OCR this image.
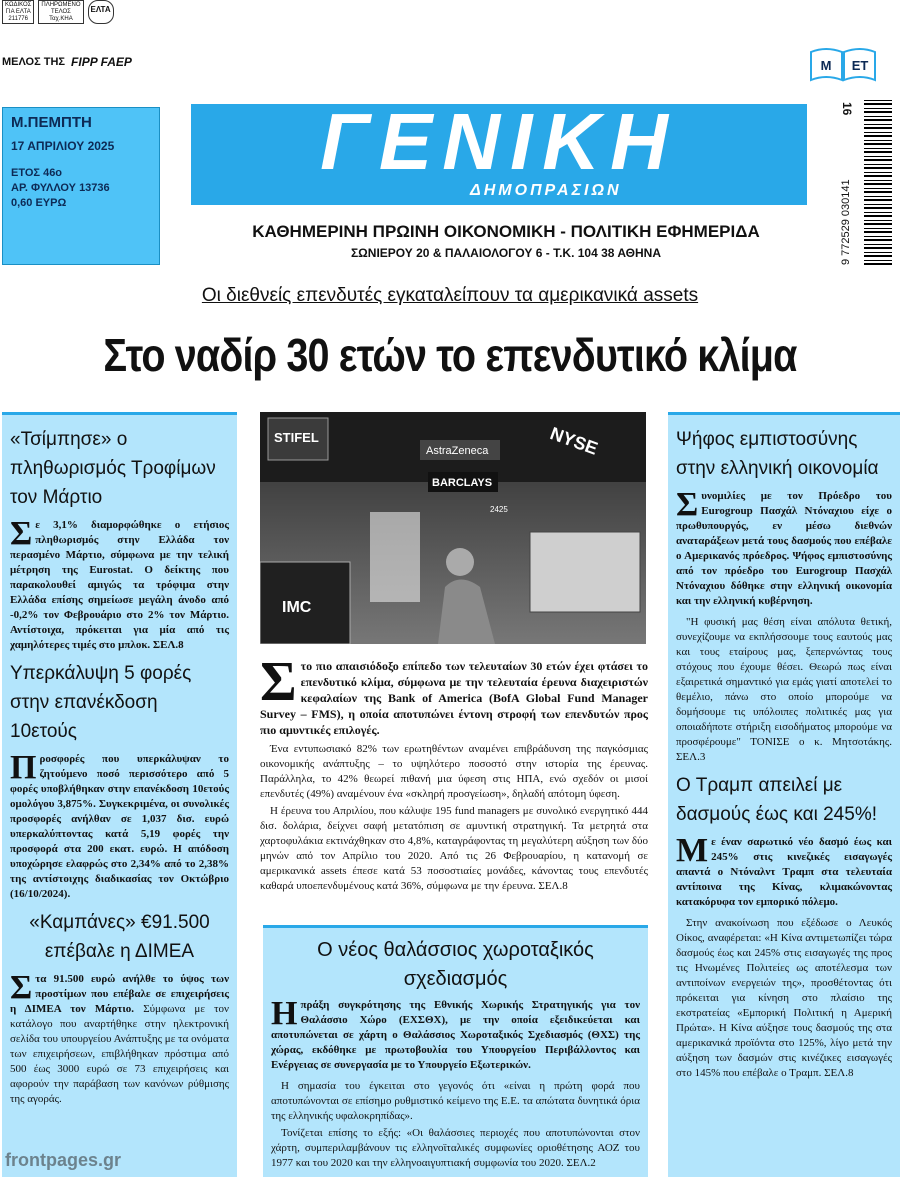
ΚΩΔΙΚΟΣ
ΓΙΑ ΕΛΤΑ
211776
ΠΛΗΡΩΜΕΝΟ
ΤΕΛΟΣ
Ταχ.ΚΗΑ
ΕΛΤΑ
ΜΕΛΟΣ ΤΗΣ FIPP FAEP	M ET
Μ.ΠΕΜΠΤΗ
17 ΑΠΡΙΛΙΟΥ 2025
ΕΤΟΣ 46ο
ΑΡ. ΦΥΛΛΟΥ 13736
0,60 ΕΥΡΩ
ΓΕΝΙΚΗ
ΔΗΜΟΠΡΑΣΙΩΝ
ΚΑΘΗΜΕΡΙΝΗ ΠΡΩΙΝΗ ΟΙΚΟΝΟΜΙΚΗ - ΠΟΛΙΤΙΚΗ ΕΦΗΜΕΡΙΔΑ
ΣΩΝΙΕΡΟΥ 20 & ΠΑΛΑΙΟΛΟΓΟΥ 6 - Τ.Κ. 104 38 ΑΘΗΝΑ
16
9 772529 030141
Οι διεθνείς επενδυτές εγκαταλείπουν τα αμερικανικά assets
Στο ναδίρ 30 ετών το επενδυτικό κλίμα
«Τσίμπησε» ο πληθωρισμός Τροφίμων τον Μάρτιο

Σε 3,1% διαμορφώθηκε ο ετήσιος πληθωρισμός στην Ελλάδα τον περασμένο Μάρτιο, σύμφωνα με την τελική μέτρηση της Eurostat. Ο δείκτης που παρακολουθεί αμιγώς τα τρόφιμα στην Ελλάδα επίσης σημείωσε μεγάλη άνοδο από -0,2% τον Φεβρουάριο στο 2% τον Μάρτιο. Αντίστοιχα, πρόκειται για μία από τις χαμηλότερες τιμές στο μπλοκ. ΣΕΛ.8

Υπερκάλυψη 5 φορές στην επανέκδοση 10ετούς

Προσφορές που υπερκάλυψαν το ζητούμενο ποσό περισσότερο από 5 φορές υποβλήθηκαν στην επανέκδοση 10ετούς ομολόγου 3,875%. Συγκεκριμένα, οι συνολικές προσφορές ανήλθαν σε 1,037 δισ. ευρώ υπερκαλύπτοντας κατά 5,19 φορές την προσφορά στα 200 εκατ. ευρώ. Η απόδοση υποχώρησε ελαφρώς στο 2,34% από το 2,38% της αντίστοιχης διαδικασίας τον Οκτώβριο (16/10/2024).

«Καμπάνες» €91.500 επέβαλε η ΔΙΜΕΑ

Στα 91.500 ευρώ ανήλθε το ύψος των προστίμων που επέβαλε σε επιχειρήσεις η ΔΙΜΕΑ τον Μάρτιο. Σύμφωνα με τον κατάλογο που αναρτήθηκε στην ηλεκτρονική σελίδα του υπουργείου Ανάπτυξης με τα ονόματα των επιχειρήσεων, επιβλήθηκαν πρόστιμα από 500 έως 3000 ευρώ σε 73 επιχειρήσεις και αφορούν την παράβαση των κανόνων ρύθμισης της αγοράς.

STIFEL
AstraZeneca
BARCLAYS
NYSE
2425
IMC
Στο πιο απαισιόδοξο επίπεδο των τελευταίων 30 ετών έχει φτάσει το επενδυτικό κλίμα, σύμφωνα με την τελευταία έρευνα διαχειριστών κεφαλαίων της Bank of America (BofA Global Fund Manager Survey – FMS), η οποία αποτυπώνει έντονη στροφή των επενδυτών προς πιο αμυντικές επιλογές.

Ένα εντυπωσιακό 82% των ερωτηθέντων αναμένει επιβράδυνση της παγκόσμιας οικονομικής ανάπτυξης – το υψηλότερο ποσοστό στην ιστορία της έρευνας. Παράλληλα, το 42% θεωρεί πιθανή μια ύφεση στις ΗΠΑ, ενώ σχεδόν οι μισοί επενδυτές (49%) αναμένουν ένα «σκληρή προσγείωση», δηλαδή απότομη ύφεση.

Η έρευνα του Απριλίου, που κάλυψε 195 fund managers με συνολικό ενεργητικό 444 δισ. δολάρια, δείχνει σαφή μετατόπιση σε αμυντική στρατηγική. Τα μετρητά στα χαρτοφυλάκια εκτινάχθηκαν στο 4,8%, καταγράφοντας τη μεγαλύτερη αύξηση των δύο μηνών από τον Απρίλιο του 2020. Από τις 26 Φεβρουαρίου, η κατανομή σε αμερικανικά assets έπεσε κατά 53 ποσοστιαίες μονάδες, κάνοντας τους επενδυτές καθαρά υποεπενδυμένους κατά 36%, σύμφωνα με την έρευνα. ΣΕΛ.8

Ο νέος θαλάσσιος χωροταξικός σχεδιασμός

Ηπράξη συγκρότησης της Εθνικής Χωρικής Στρατηγικής για τον Θαλάσσιο Χώρο (ΕΧΣΘΧ), με την οποία εξειδικεύεται και αποτυπώνεται σε χάρτη ο Θαλάσσιος Χωροταξικός Σχεδιασμός (ΘΧΣ) της χώρας, εκδόθηκε με πρωτοβουλία του Υπουργείου Περιβάλλοντος και Ενέργειας σε συνεργασία με το Υπουργείο Εξωτερικών.

Η σημασία του έγκειται στο γεγονός ότι «είναι η πρώτη φορά που αποτυπώνονται σε επίσημο ρυθμιστικό κείμενο της Ε.Ε. τα απώτατα δυνητικά όρια της ελληνικής υφαλοκρηπίδας».

Τονίζεται επίσης το εξής: «Οι θαλάσσιες περιοχές που αποτυπώνονται στον χάρτη, συμπεριλαμβάνουν τις ελληνοϊταλικές συμφωνίες οριοθέτησης ΑΟΖ του 1977 και του 2020 και την ελληνοαιγυπτιακή συμφωνία του 2020. ΣΕΛ.2

Ψήφος εμπιστοσύνης στην ελληνική οικονομία

Συνομιλίες με τον Πρόεδρο του Eurogroup Πασχάλ Ντόναχιου είχε ο πρωθυπουργός, εν μέσω διεθνών αναταράξεων μετά τους δασμούς που επέβαλε ο Αμερικανός πρόεδρος. Ψήφος εμπιστοσύνης από τον πρόεδρο του Eurogroup Πασχάλ Ντόναχιου δόθηκε στην ελληνική οικονομία και την ελληνική κυβέρνηση.

"Η φυσική μας θέση είναι απόλυτα θετική, συνεχίζουμε να εκπλήσσουμε τους εαυτούς μας και τους εταίρους μας, ξεπερνώντας τους στόχους που έχουμε θέσει. Θεωρώ πως είναι εξαιρετικά σημαντικό για εμάς γιατί αποτελεί το θεμέλιο, πάνω στο οποίο μπορούμε να δομήσουμε τις υπόλοιπες πολιτικές μας για οποιαδήποτε στήριξη εισοδήματος μπορούμε να προσφέρουμε" ΤΟΝΙΣΕ ο κ. Μητσοτάκης. ΣΕΛ.3

Ο Τραμπ απειλεί με δασμούς έως και 245%!

Με έναν σαρωτικό νέο δασμό έως και 245% στις κινεζικές εισαγωγές απαντά ο Ντόναλντ Τραμπ στα τελευταία αντίποινα της Κίνας, κλιμακώνοντας κατακόρυφα τον εμπορικό πόλεμο.

Στην ανακοίνωση που εξέδωσε ο Λευκός Οίκος, αναφέρεται: «Η Κίνα αντιμετωπίζει τώρα δασμούς έως και 245% στις εισαγωγές της προς τις Ηνωμένες Πολιτείες ως αποτέλεσμα των αντιποίνων ενεργειών της», προσθέτοντας ότι πρόκειται για κίνηση στο πλαίσιο της εκστρατείας «Εμπορική Πολιτική η Αμερική Πρώτα». Η Κίνα αύξησε τους δασμούς της στα αμερικανικά προϊόντα στο 125%, λίγο μετά την αύξηση των δασμών στις κινέζικες εισαγωγές στο 145% που επέβαλε ο Τραμπ. ΣΕΛ.8

frontpages.gr
